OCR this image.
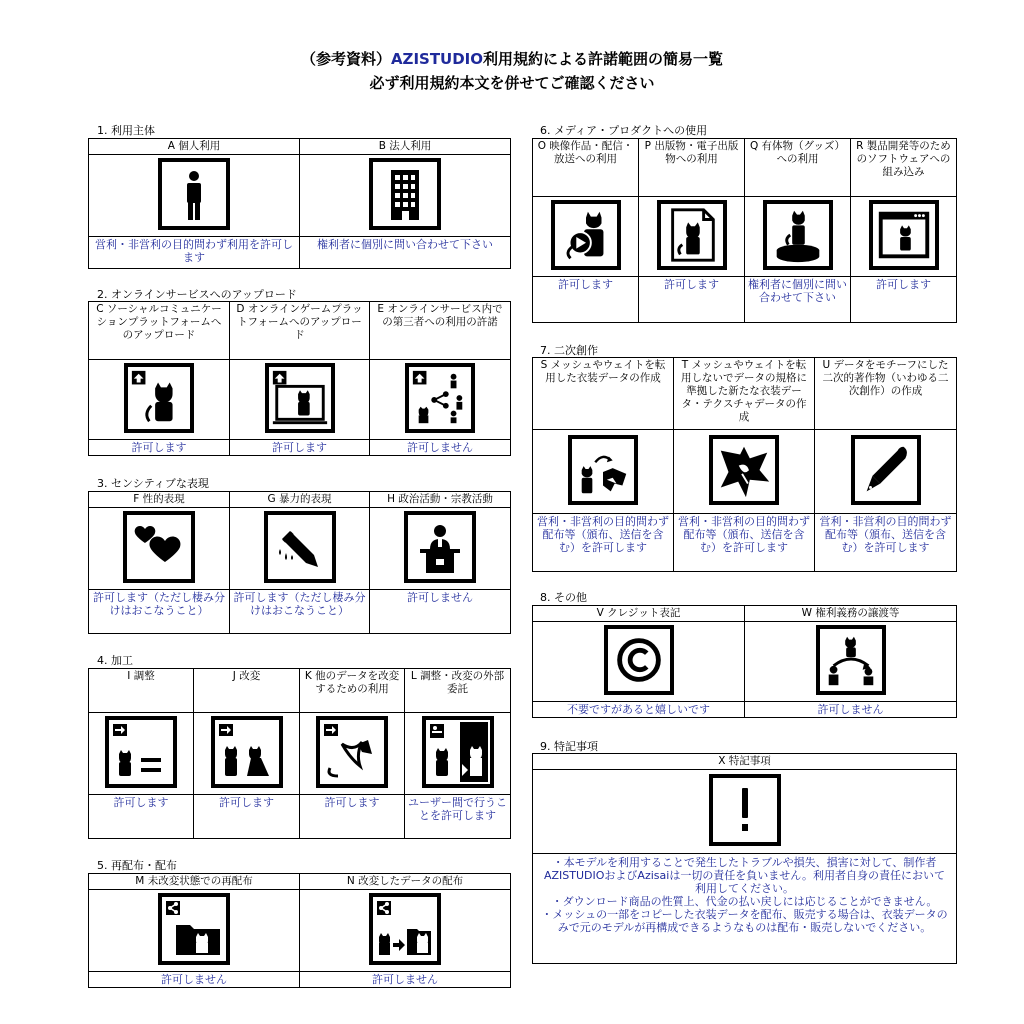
（参考資料）AZISTUDIO利用規約による許諾範囲の簡易一覧
必ず利用規約本文を併せてご確認ください
1. 利用主体
A 個人利用	B 法人利用

営利・非営利の目的問わず利用を許可します	権利者に個別に問い合わせて下さい
2. オンラインサービスへのアップロード
C ソーシャルコミュニケーションプラットフォームへのアップロード	D オンラインゲームプラットフォームへのアップロード	E オンラインサービス内での第三者への利用の許諾

許可します	許可します	許可しません
3. センシティブな表現
F 性的表現	G 暴力的表現	H 政治活動・宗教活動

許可します（ただし棲み分けはおこなうこと）	許可します（ただし棲み分けはおこなうこと）	許可しません
4. 加工
I 調整	J 改変	K 他のデータを改変するための利用	L 調整・改変の外部委託

許可します	許可します	許可します	ユーザー間で行うことを許可します
5. 再配布・配布
M 未改変状態での再配布	N 改変したデータの配布

許可しません	許可しません
6. メディア・プロダクトへの使用
O 映像作品・配信・放送への利用	P 出版物・電子出版物への利用	Q 有体物（グッズ）への利用	R 製品開発等のためのソフトウェアへの組み込み

許可します	許可します	権利者に個別に問い合わせて下さい	許可します
7. 二次創作
S メッシュやウェイトを転用した衣装データの作成	T メッシュやウェイトを転用しないでデータの規格に準拠した新たな衣装データ・テクスチャデータの作成	U データをモチーフにした二次的著作物（いわゆる二次創作）の作成

営利・非営利の目的問わず配布等（頒布、送信を含む）を許可します	営利・非営利の目的問わず配布等（頒布、送信を含む）を許可します	営利・非営利の目的問わず配布等（頒布、送信を含む）を許可します
8. その他
V クレジット表記	W 権利義務の譲渡等

不要ですがあると嬉しいです	許可しません
9. 特記事項
X 特記事項

・本モデルを利用することで発生したトラブルや損失、損害に対して、制作者AZISTUDIOおよびAzisaiは一切の責任を負いません。利用者自身の責任において利用してください。
・ダウンロード商品の性質上、代金の払い戻しには応じることができません。
・メッシュの一部をコピーした衣装データを配布、販売する場合は、衣装データのみで元のモデルが再構成できるようなものは配布・販売しないでください。
